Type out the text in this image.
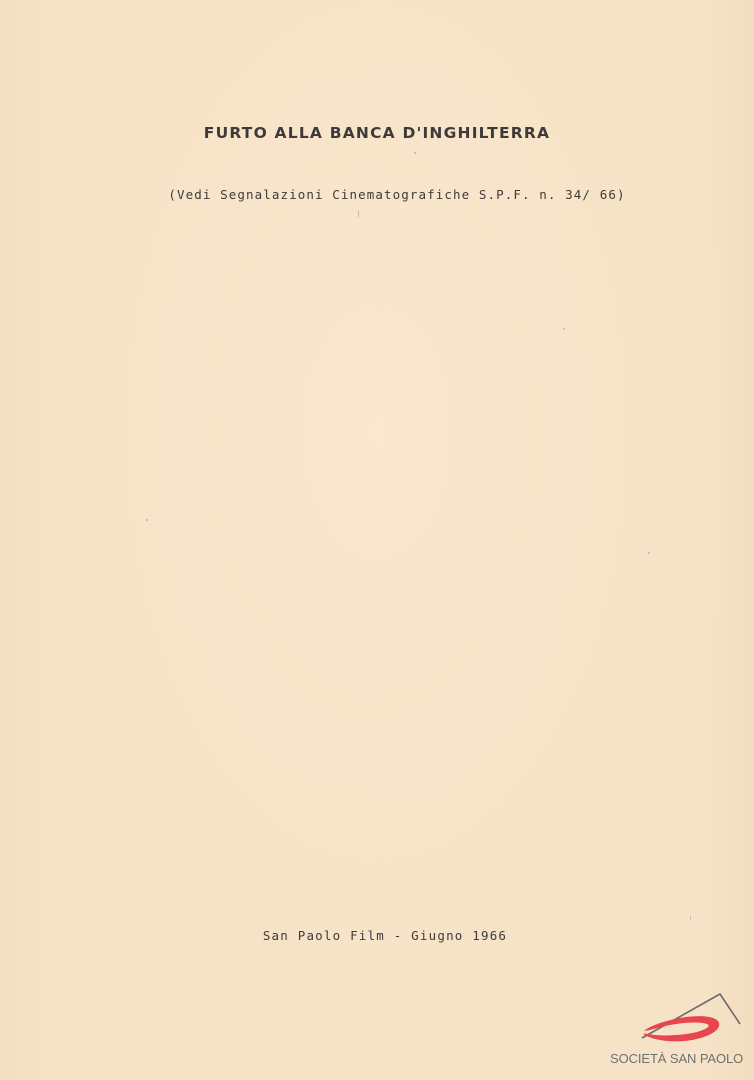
FURTO ALLA BANCA D'INGHILTERRA
(Vedi Segnalazioni Cinematografiche S.P.F. n. 34/ 66)
San Paolo Film - Giugno 1966
SOCIETÀ SAN PAOLO
